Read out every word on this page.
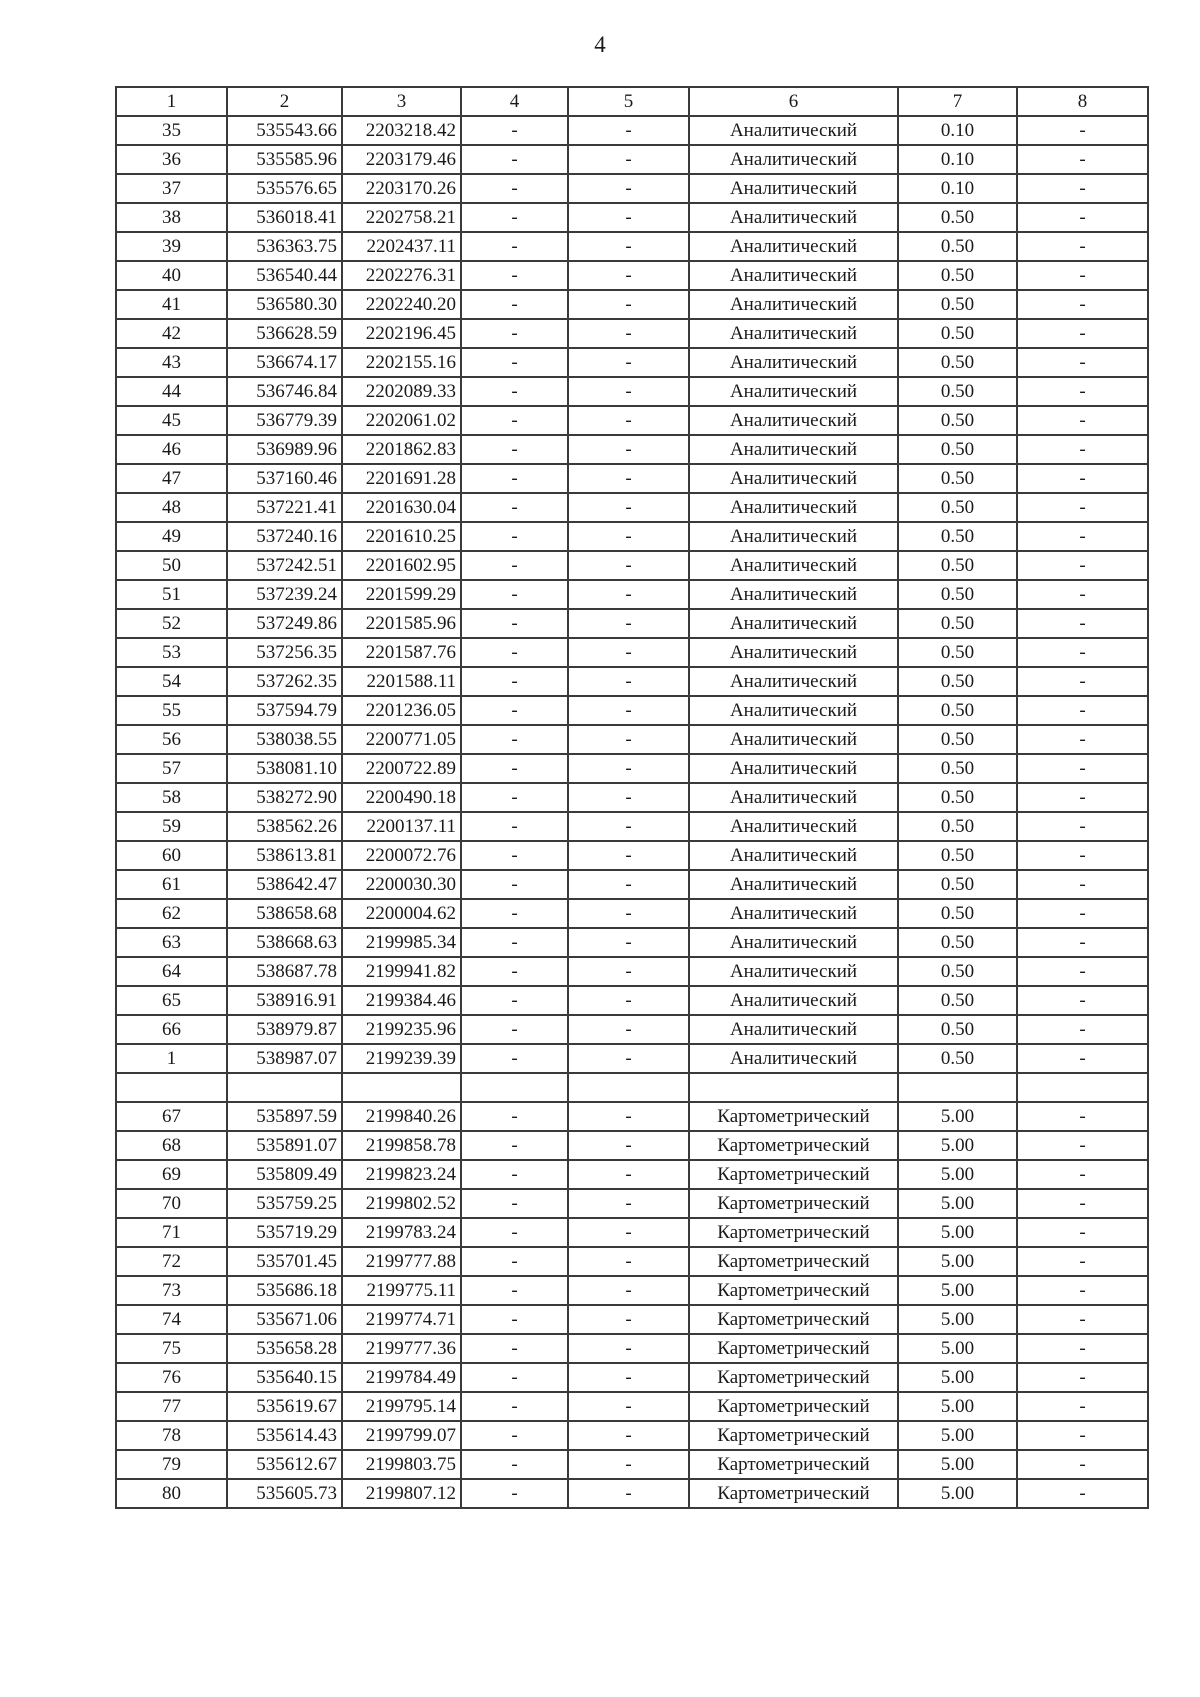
4
1	2	3	4	5	6	7	8
35	535543.66	2203218.42	-	-	Аналитический	0.10	-
36	535585.96	2203179.46	-	-	Аналитический	0.10	-
37	535576.65	2203170.26	-	-	Аналитический	0.10	-
38	536018.41	2202758.21	-	-	Аналитический	0.50	-
39	536363.75	2202437.11	-	-	Аналитический	0.50	-
40	536540.44	2202276.31	-	-	Аналитический	0.50	-
41	536580.30	2202240.20	-	-	Аналитический	0.50	-
42	536628.59	2202196.45	-	-	Аналитический	0.50	-
43	536674.17	2202155.16	-	-	Аналитический	0.50	-
44	536746.84	2202089.33	-	-	Аналитический	0.50	-
45	536779.39	2202061.02	-	-	Аналитический	0.50	-
46	536989.96	2201862.83	-	-	Аналитический	0.50	-
47	537160.46	2201691.28	-	-	Аналитический	0.50	-
48	537221.41	2201630.04	-	-	Аналитический	0.50	-
49	537240.16	2201610.25	-	-	Аналитический	0.50	-
50	537242.51	2201602.95	-	-	Аналитический	0.50	-
51	537239.24	2201599.29	-	-	Аналитический	0.50	-
52	537249.86	2201585.96	-	-	Аналитический	0.50	-
53	537256.35	2201587.76	-	-	Аналитический	0.50	-
54	537262.35	2201588.11	-	-	Аналитический	0.50	-
55	537594.79	2201236.05	-	-	Аналитический	0.50	-
56	538038.55	2200771.05	-	-	Аналитический	0.50	-
57	538081.10	2200722.89	-	-	Аналитический	0.50	-
58	538272.90	2200490.18	-	-	Аналитический	0.50	-
59	538562.26	2200137.11	-	-	Аналитический	0.50	-
60	538613.81	2200072.76	-	-	Аналитический	0.50	-
61	538642.47	2200030.30	-	-	Аналитический	0.50	-
62	538658.68	2200004.62	-	-	Аналитический	0.50	-
63	538668.63	2199985.34	-	-	Аналитический	0.50	-
64	538687.78	2199941.82	-	-	Аналитический	0.50	-
65	538916.91	2199384.46	-	-	Аналитический	0.50	-
66	538979.87	2199235.96	-	-	Аналитический	0.50	-
1	538987.07	2199239.39	-	-	Аналитический	0.50	-

67	535897.59	2199840.26	-	-	Картометрический	5.00	-
68	535891.07	2199858.78	-	-	Картометрический	5.00	-
69	535809.49	2199823.24	-	-	Картометрический	5.00	-
70	535759.25	2199802.52	-	-	Картометрический	5.00	-
71	535719.29	2199783.24	-	-	Картометрический	5.00	-
72	535701.45	2199777.88	-	-	Картометрический	5.00	-
73	535686.18	2199775.11	-	-	Картометрический	5.00	-
74	535671.06	2199774.71	-	-	Картометрический	5.00	-
75	535658.28	2199777.36	-	-	Картометрический	5.00	-
76	535640.15	2199784.49	-	-	Картометрический	5.00	-
77	535619.67	2199795.14	-	-	Картометрический	5.00	-
78	535614.43	2199799.07	-	-	Картометрический	5.00	-
79	535612.67	2199803.75	-	-	Картометрический	5.00	-
80	535605.73	2199807.12	-	-	Картометрический	5.00	-
